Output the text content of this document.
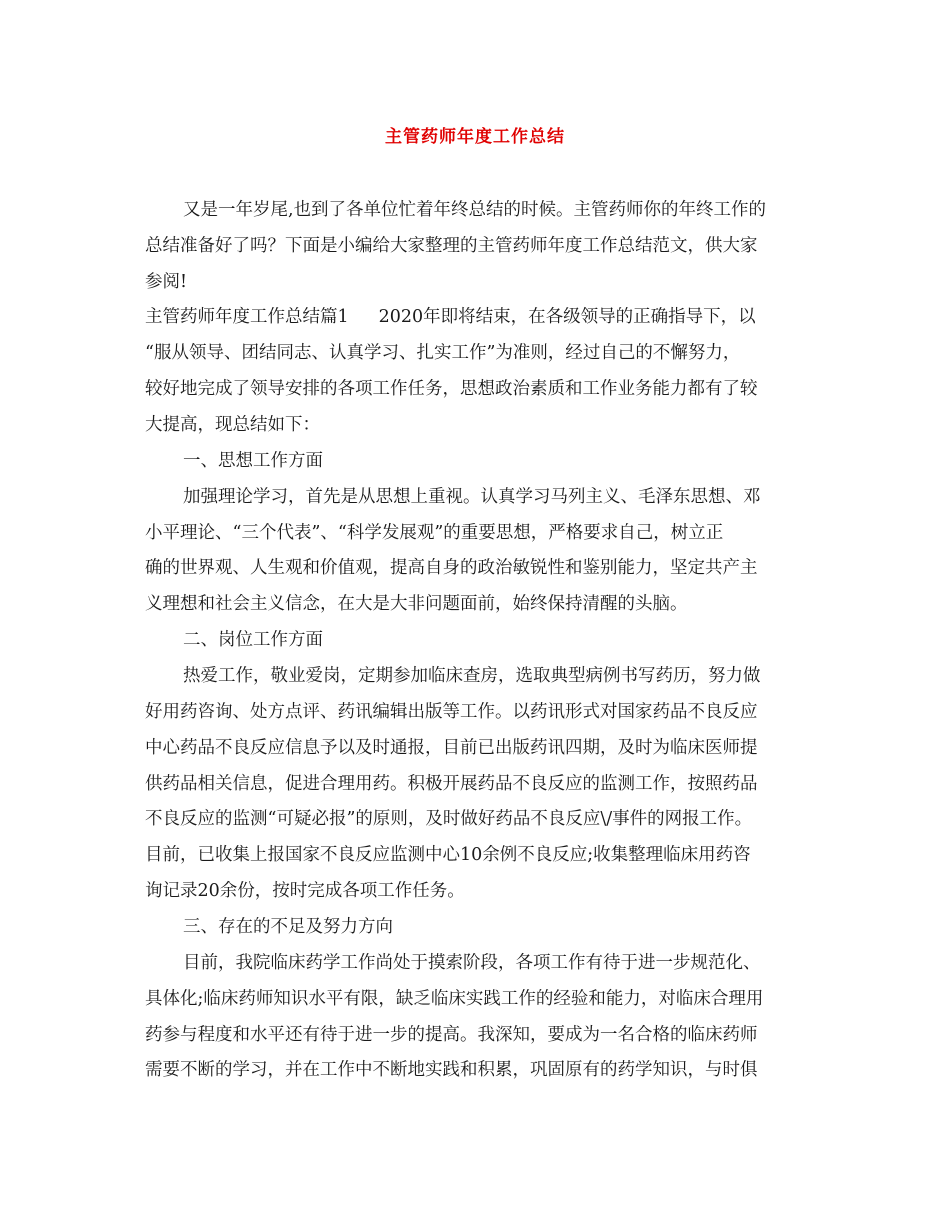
主管药师年度工作总结
又是一年岁尾,也到了各单位忙着年终总结的时候。主管药师你的年终工作的
总结准备好了吗？下面是小编给大家整理的主管药师年度工作总结范文，供大家
参阅!
主管药师年度工作总结篇1 2020年即将结束，在各级领导的正确指导下，以
“服从领导、团结同志、认真学习、扎实工作”为准则，经过自己的不懈努力，
较好地完成了领导安排的各项工作任务，思想政治素质和工作业务能力都有了较
大提高，现总结如下：
一、思想工作方面
加强理论学习，首先是从思想上重视。认真学习马列主义、毛泽东思想、邓
小平理论、“三个代表”、“科学发展观”的重要思想，严格要求自己，树立正
确的世界观、人生观和价值观，提高自身的政治敏锐性和鉴别能力，坚定共产主
义理想和社会主义信念，在大是大非问题面前，始终保持清醒的头脑。
二、岗位工作方面
热爱工作，敬业爱岗，定期参加临床查房，选取典型病例书写药历，努力做
好用药咨询、处方点评、药讯编辑出版等工作。以药讯形式对国家药品不良反应
中心药品不良反应信息予以及时通报，目前已出版药讯四期，及时为临床医师提
供药品相关信息，促进合理用药。积极开展药品不良反应的监测工作，按照药品
不良反应的监测“可疑必报”的原则，及时做好药品不良反应\/事件的网报工作。
目前，已收集上报国家不良反应监测中心10余例不良反应;收集整理临床用药咨
询记录20余份，按时完成各项工作任务。
三、存在的不足及努力方向
目前，我院临床药学工作尚处于摸索阶段，各项工作有待于进一步规范化、
具体化;临床药师知识水平有限，缺乏临床实践工作的经验和能力，对临床合理用
药参与程度和水平还有待于进一步的提高。我深知，要成为一名合格的临床药师
需要不断的学习，并在工作中不断地实践和积累，巩固原有的药学知识，与时俱
